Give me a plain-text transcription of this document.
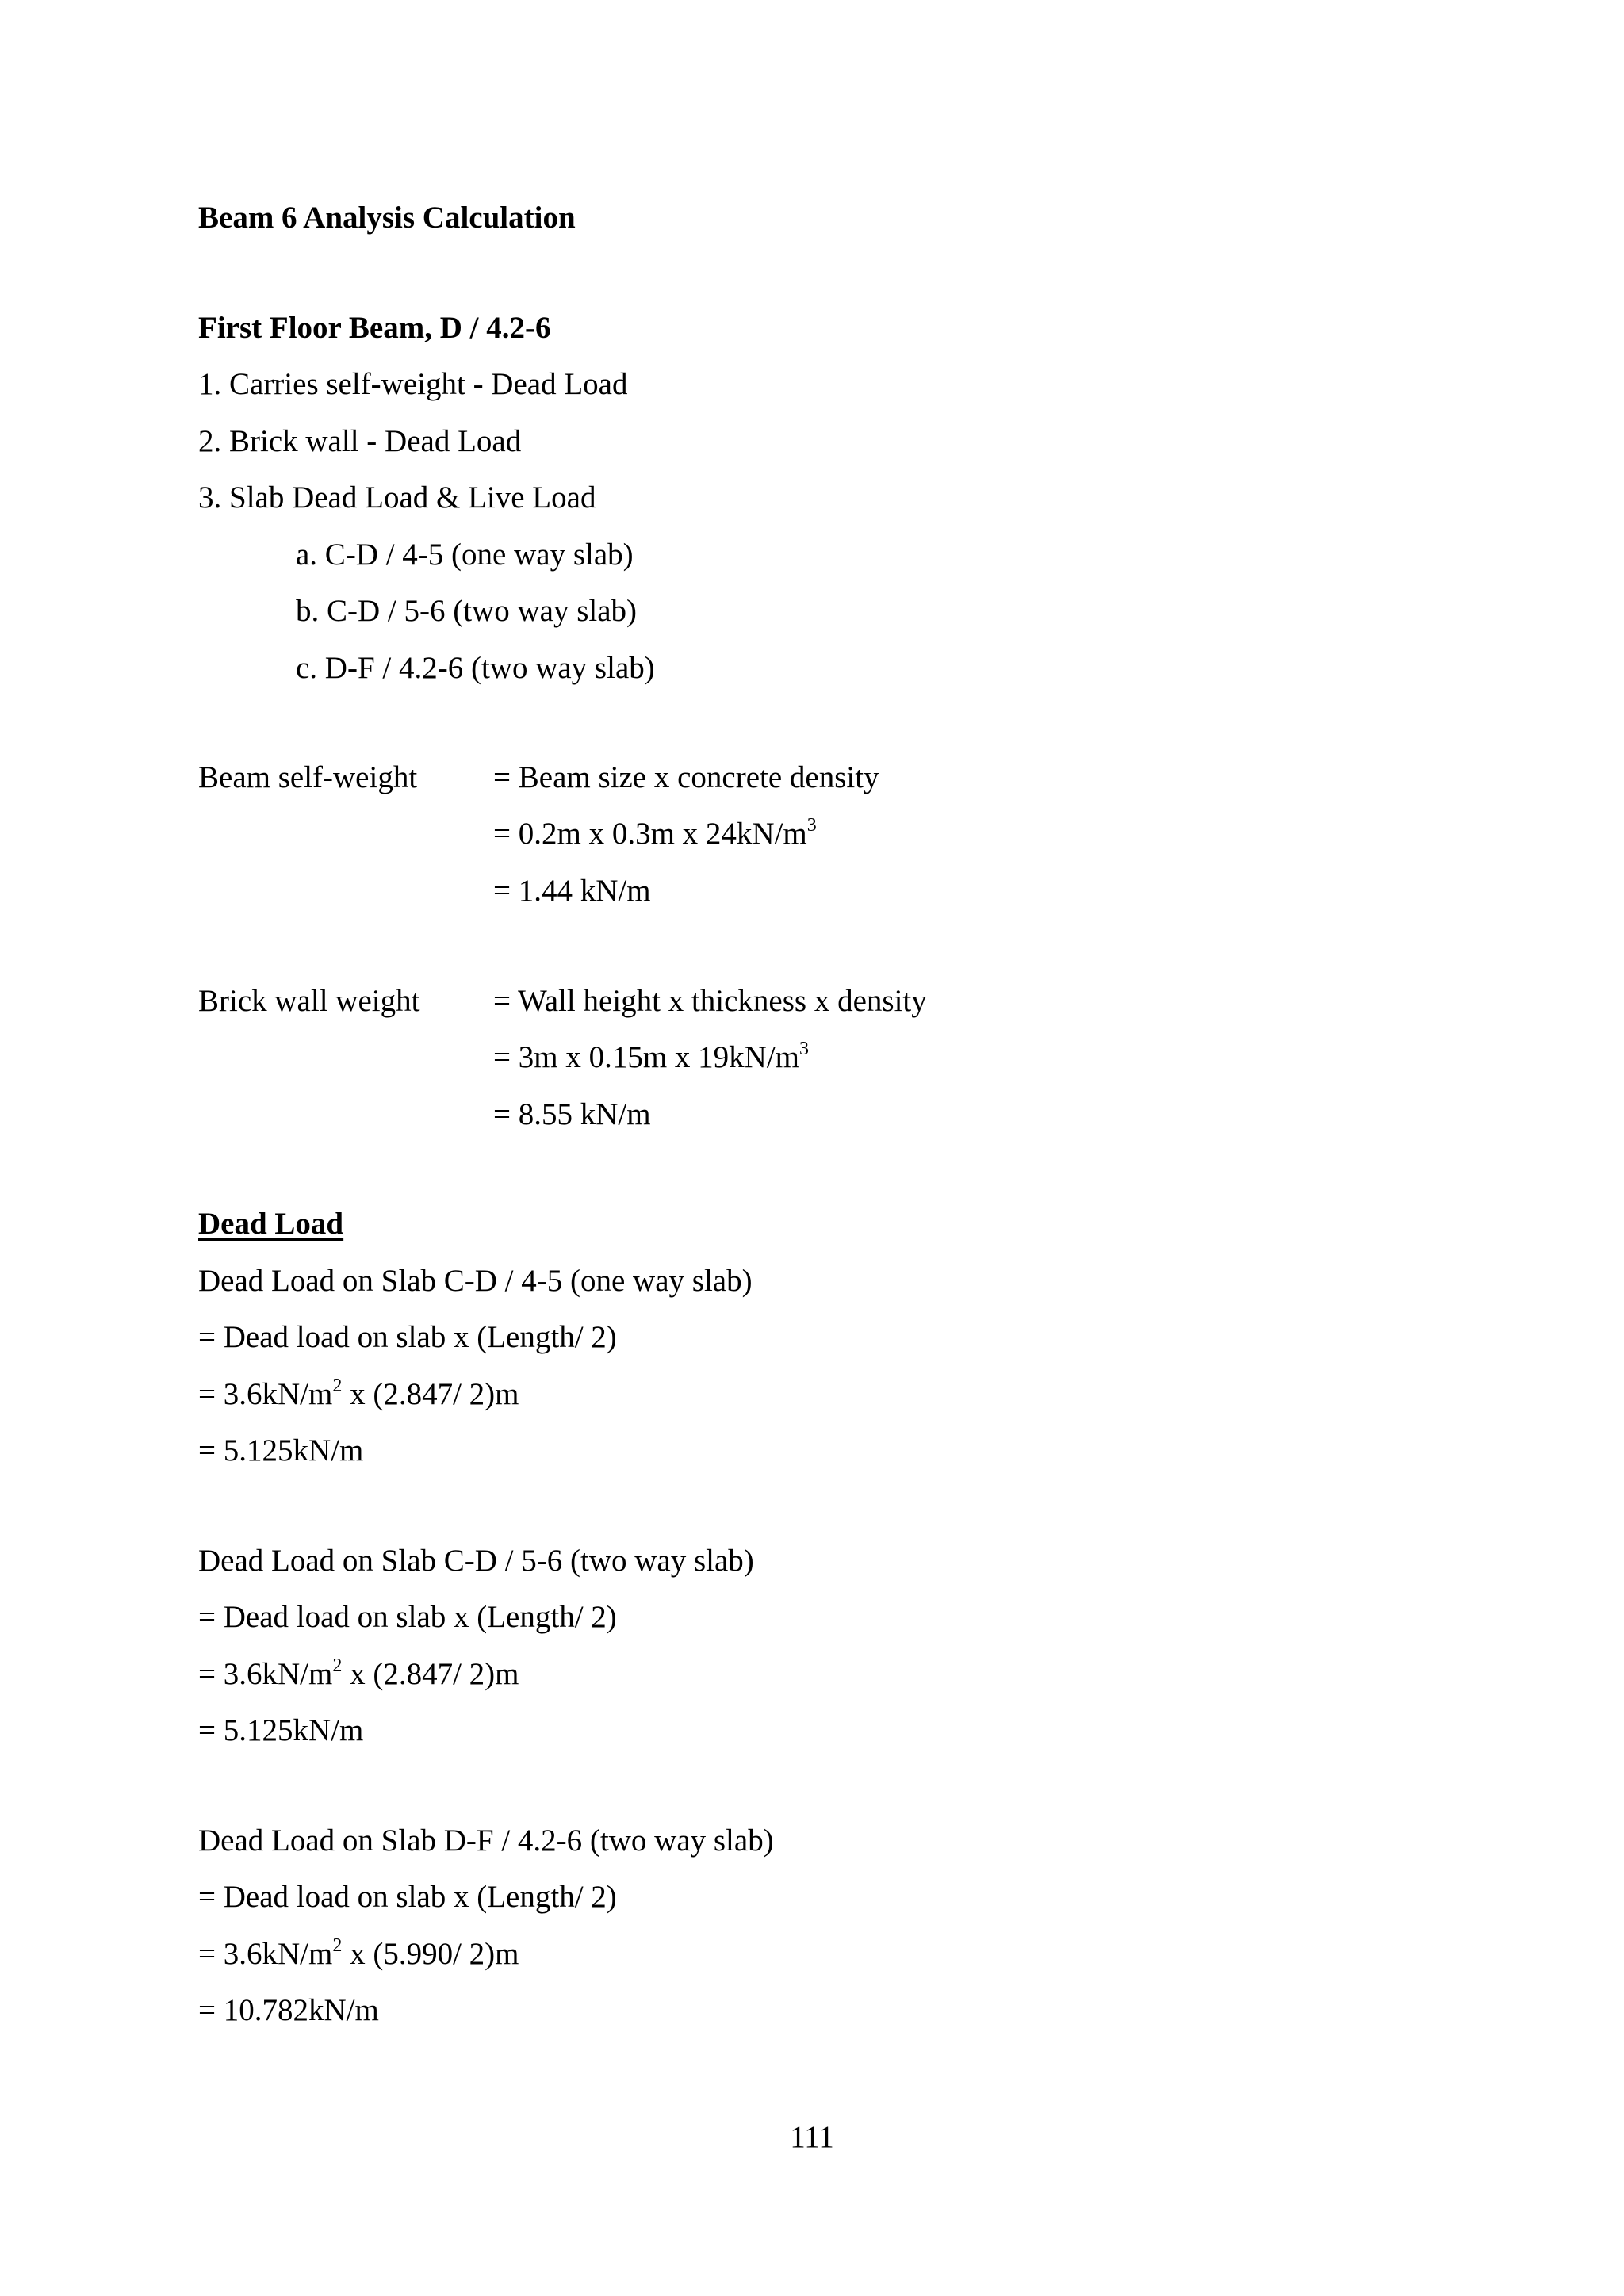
Beam 6 Analysis Calculation
First Floor Beam, D / 4.2-6
1. Carries self-weight - Dead Load
2. Brick wall - Dead Load
3. Slab Dead Load & Live Load
a. C-D / 4-5 (one way slab)
b. C-D / 5-6 (two way slab)
c. D-F / 4.2-6 (two way slab)
Beam self-weight = Beam size x concrete density
= 0.2m x 0.3m x $24kN/m^3$
= 1.44 kN/m
Brick wall weight = Wall height x thickness x density
= 3m x 0.15m x $19kN/m^3$
= 8.55 kN/m
Dead Load
Dead Load on Slab C-D / 4-5 (one way slab)
= Dead load on slab x (Length/ 2)
= $3.6kN/m^2$ x (2.847/ 2)m
= 5.125kN/m
Dead Load on Slab C-D / 5-6 (two way slab)
= Dead load on slab x (Length/ 2)
= $3.6kN/m^2$ x (2.847/ 2)m
= 5.125kN/m
Dead Load on Slab D-F / 4.2-6 (two way slab)
= Dead load on slab x (Length/ 2)
= $3.6kN/m^2$ x (5.990/ 2)m
= 10.782kN/m
111
